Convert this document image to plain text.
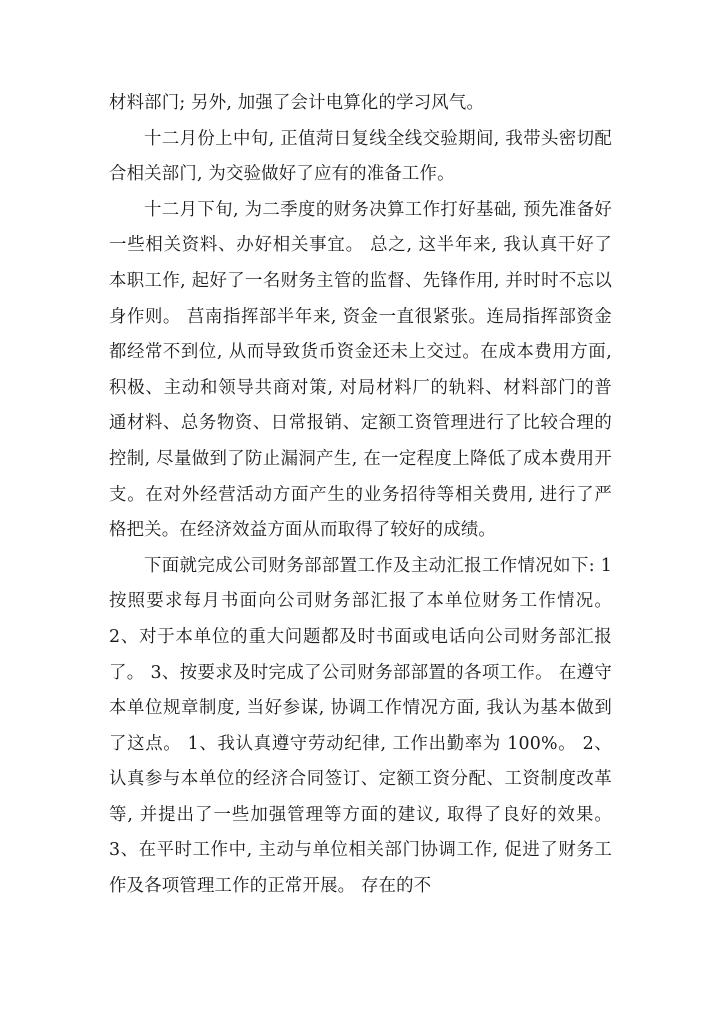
材料部门; 另外, 加强了会计电算化的学习风气。

十二月份上中旬, 正值菏日复线全线交验期间, 我带头密切配合相关部门, 为交验做好了应有的准备工作。

十二月下旬, 为二季度的财务决算工作打好基础, 预先准备好一些相关资料、办好相关事宜。 总之, 这半年来, 我认真干好了本职工作, 起好了一名财务主管的监督、先锋作用, 并时时不忘以身作则。 莒南指挥部半年来, 资金一直很紧张。连局指挥部资金都经常不到位, 从而导致货币资金还未上交过。在成本费用方面, 积极、主动和领导共商对策, 对局材料厂的轨料、材料部门的普通材料、总务物资、日常报销、定额工资管理进行了比较合理的控制, 尽量做到了防止漏洞产生, 在一定程度上降低了成本费用开支。在对外经营活动方面产生的业务招待等相关费用, 进行了严格把关。在经济效益方面从而取得了较好的成绩。

下面就完成公司财务部部置工作及主动汇报工作情况如下: 1 按照要求每月书面向公司财务部汇报了本单位财务工作情况。 2、对于本单位的重大问题都及时书面或电话向公司财务部汇报了。 3、按要求及时完成了公司财务部部置的各项工作。 在遵守本单位规章制度, 当好参谋, 协调工作情况方面, 我认为基本做到了这点。 1、我认真遵守劳动纪律, 工作出勤率为 100%。 2、认真参与本单位的经济合同签订、定额工资分配、工资制度改革等, 并提出了一些加强管理等方面的建议, 取得了良好的效果。 3、在平时工作中, 主动与单位相关部门协调工作, 促进了财务工作及各项管理工作的正常开展。 存在的不
